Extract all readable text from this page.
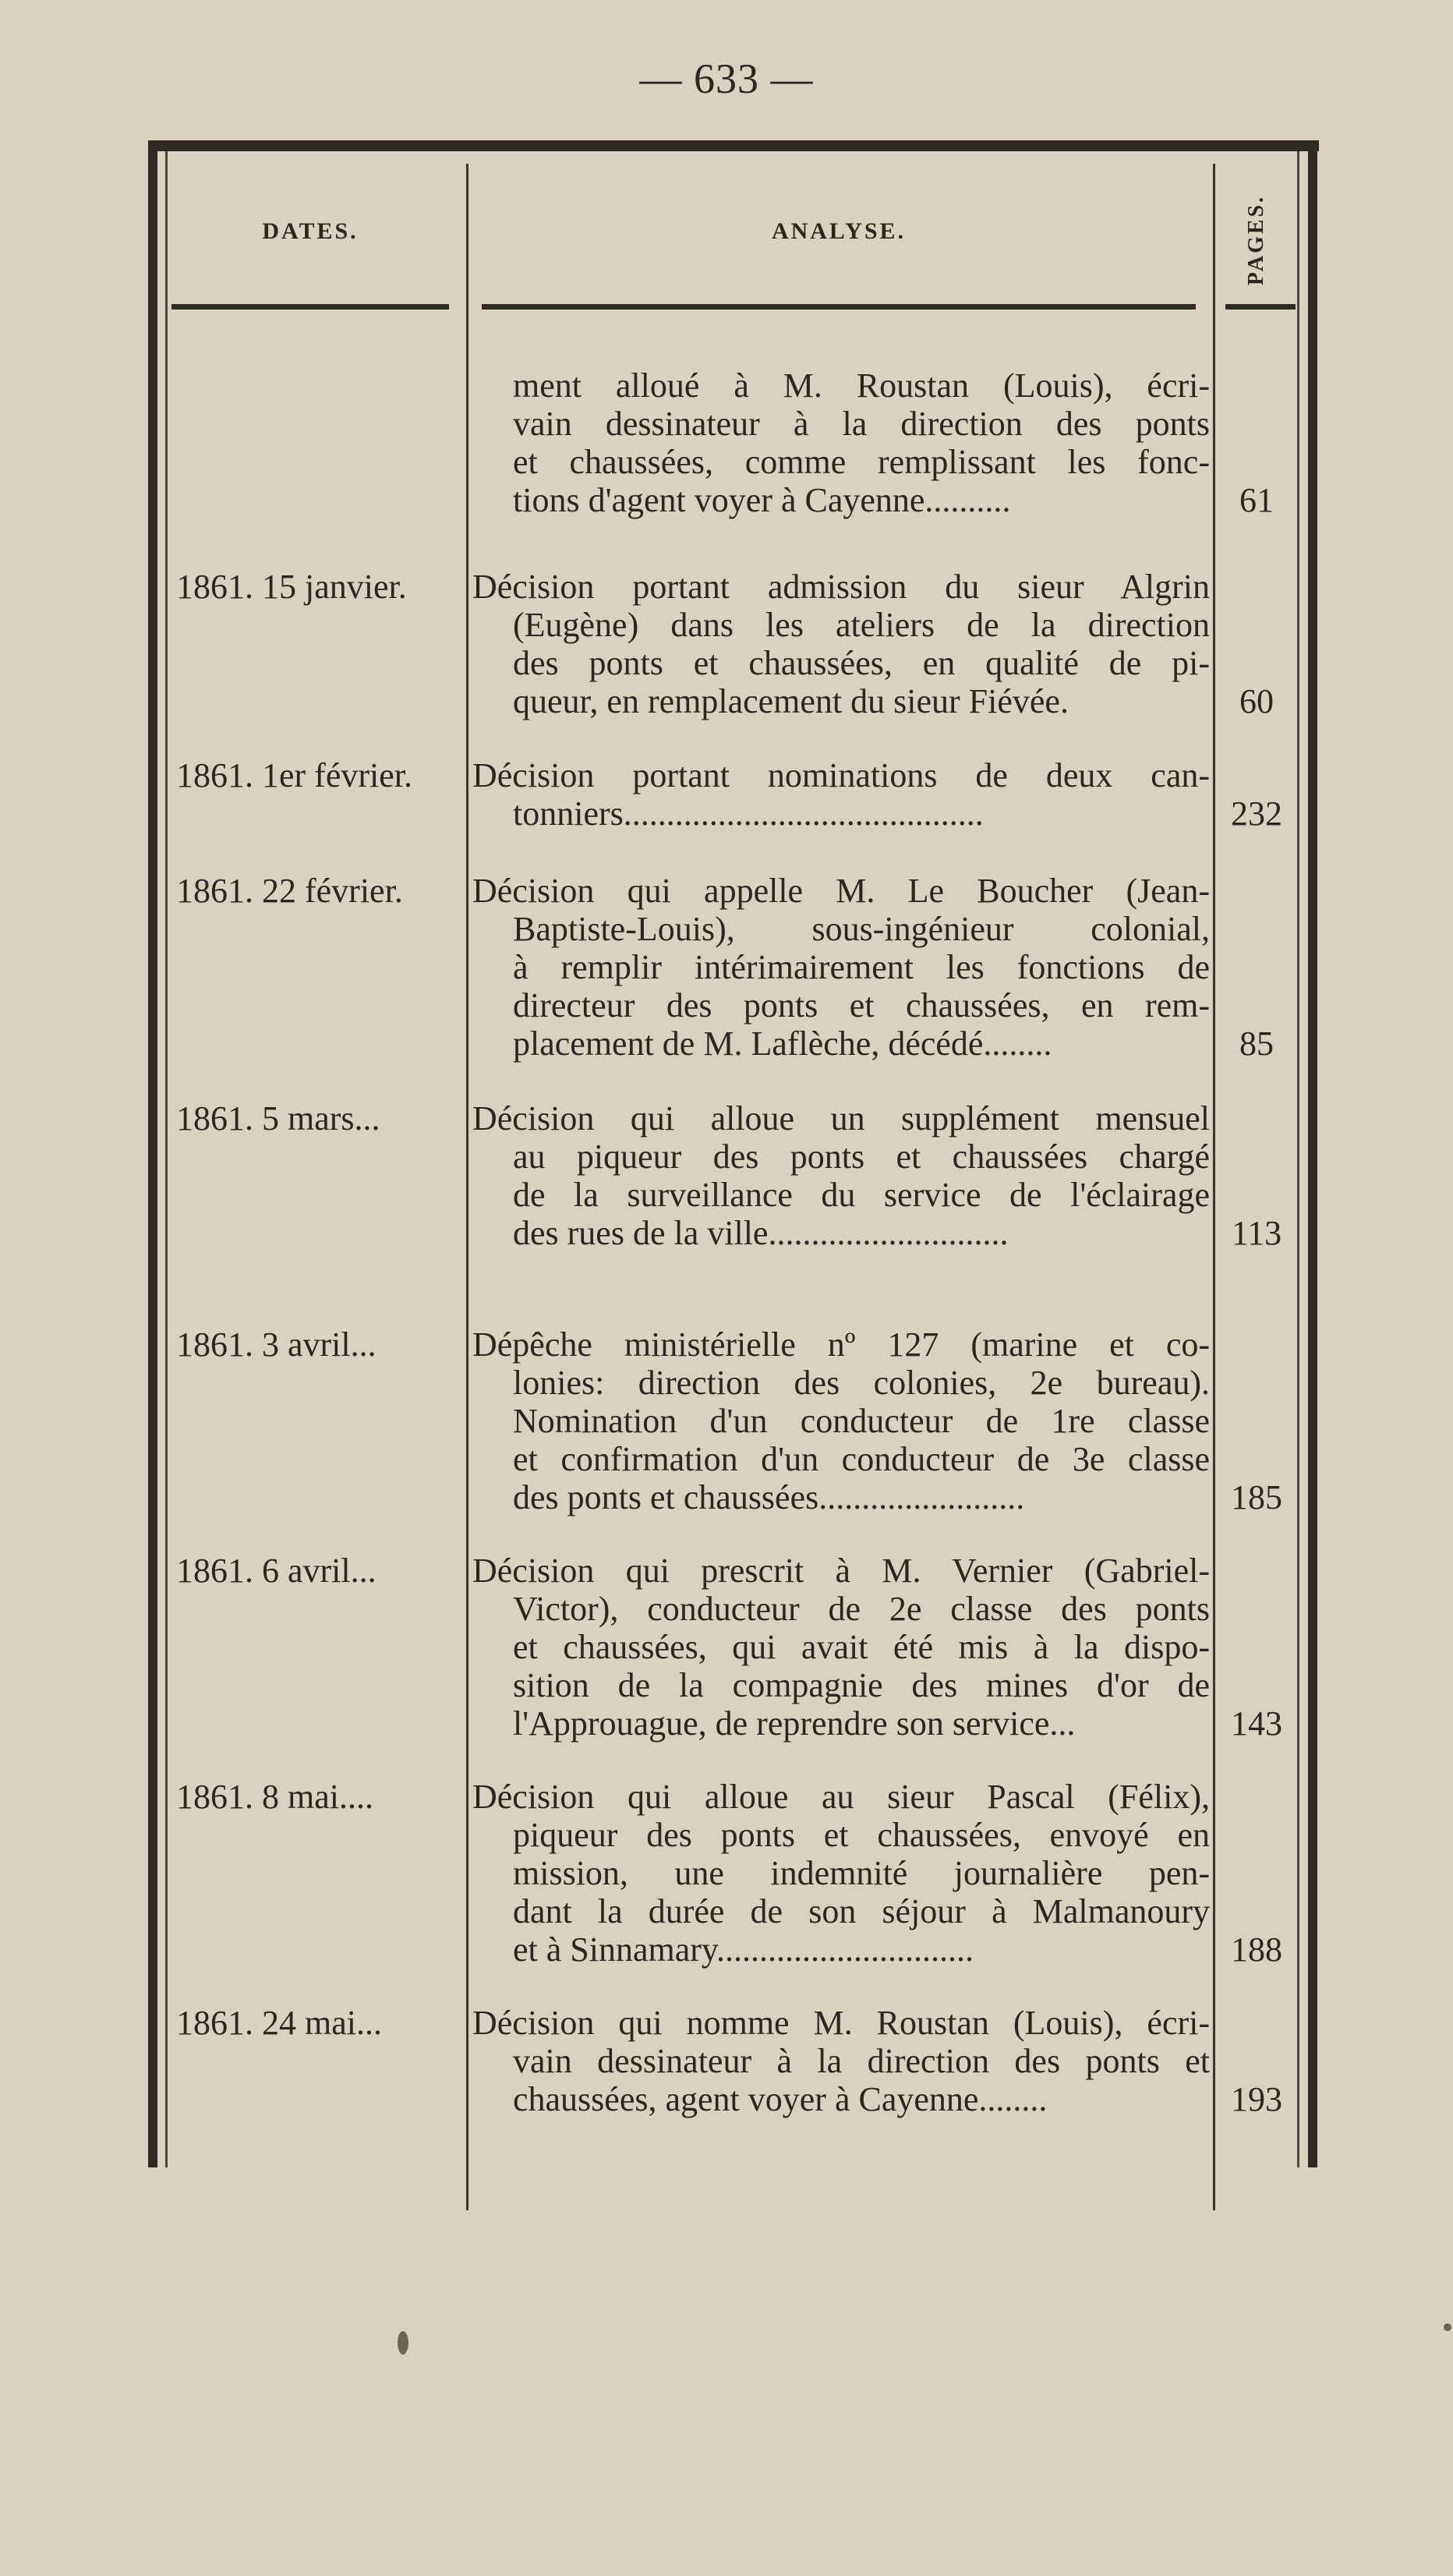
— 633 —
DATES.	ANALYSE.	PAGES.
ment alloué à M. Roustan (Louis), écri-
vain dessinateur à la direction des ponts
et chaussées, comme remplissant les fonc-
tions d'agent voyer à Cayenne..........	61
1861. 15 janvier.	Décision portant admission du sieur Algrin
(Eugène) dans les ateliers de la direction
des ponts et chaussées, en qualité de pi-
queur, en remplacement du sieur Fiévée.	60
1861. 1er février.	Décision portant nominations de deux can-
tonniers..........................................	232
1861. 22 février.	Décision qui appelle M. Le Boucher (Jean-
Baptiste-Louis), sous-ingénieur colonial,
à remplir intérimairement les fonctions de
directeur des ponts et chaussées, en rem-
placement de M. Laflèche, décédé........	85
1861. 5 mars...	Décision qui alloue un supplément mensuel
au piqueur des ponts et chaussées chargé
de la surveillance du service de l'éclairage
des rues de la ville............................	113
1861. 3 avril...	Dépêche ministérielle nº 127 (marine et co-
lonies: direction des colonies, 2e bureau).
Nomination d'un conducteur de 1re classe
et confirmation d'un conducteur de 3e classe
des ponts et chaussées........................	185
1861. 6 avril...	Décision qui prescrit à M. Vernier (Gabriel-
Victor), conducteur de 2e classe des ponts
et chaussées, qui avait été mis à la dispo-
sition de la compagnie des mines d'or de
l'Approuague, de reprendre son service...	143
1861. 8 mai....	Décision qui alloue au sieur Pascal (Félix),
piqueur des ponts et chaussées, envoyé en
mission, une indemnité journalière pen-
dant la durée de son séjour à Malmanoury
et à Sinnamary..............................	188
1861. 24 mai...	Décision qui nomme M. Roustan (Louis), écri-
vain dessinateur à la direction des ponts et
chaussées, agent voyer à Cayenne........	193
